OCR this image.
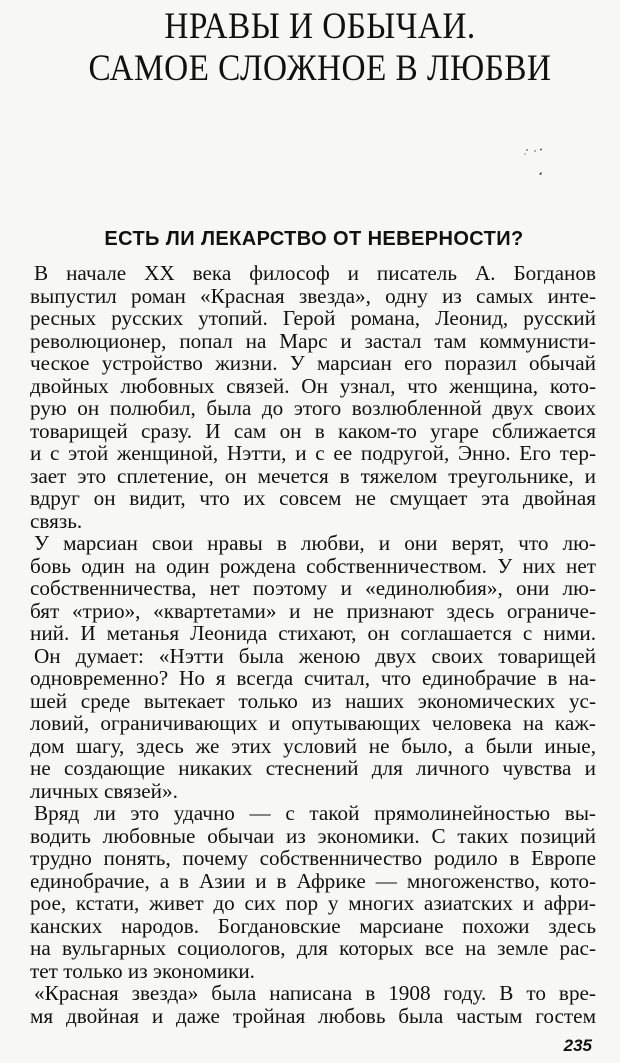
НРАВЫ И ОБЫЧАИ.
САМОЕ СЛОЖНОЕ В ЛЮБВИ
ЕСТЬ ЛИ ЛЕКАРСТВО ОТ НЕВЕРНОСТИ?

В начале XX века философ и писатель А. Богданов

выпустил роман «Красная звезда», одну из самых инте-

ресных русских утопий. Герой романа, Леонид, русский

революционер, попал на Марс и застал там коммунисти-

ческое устройство жизни. У марсиан его поразил обычай

двойных любовных связей. Он узнал, что женщина, кото-

рую он полюбил, была до этого возлюбленной двух своих

товарищей сразу. И сам он в каком-то угаре сближается

и с этой женщиной, Нэтти, и с ее подругой, Энно. Его тер-

зает это сплетение, он мечется в тяжелом треугольнике, и

вдруг он видит, что их совсем не смущает эта двойная

связь.

У марсиан свои нравы в любви, и они верят, что лю-

бовь один на один рождена собственничеством. У них нет

собственничества, нет поэтому и «единолюбия», они лю-

бят «трио», «квартетами» и не признают здесь ограниче-

ний. И метанья Леонида стихают, он соглашается с ними.

Он думает: «Нэтти была женою двух своих товарищей

одновременно? Но я всегда считал, что единобрачие в на-

шей среде вытекает только из наших экономических ус-

ловий, ограничивающих и опутывающих человека на каж-

дом шагу, здесь же этих условий не было, а были иные,

не создающие никаких стеснений для личного чувства и

личных связей».

Вряд ли это удачно — с такой прямолинейностью вы-

водить любовные обычаи из экономики. С таких позиций

трудно понять, почему собственничество родило в Европе

единобрачие, а в Азии и в Африке — многоженство, кото-

рое, кстати, живет до сих пор у многих азиатских и афри-

канских народов. Богдановские марсиане похожи здесь

на вульгарных социологов, для которых все на земле рас-

тет только из экономики.

«Красная звезда» была написана в 1908 году. В то вре-

мя двойная и даже тройная любовь была частым гостем

235
